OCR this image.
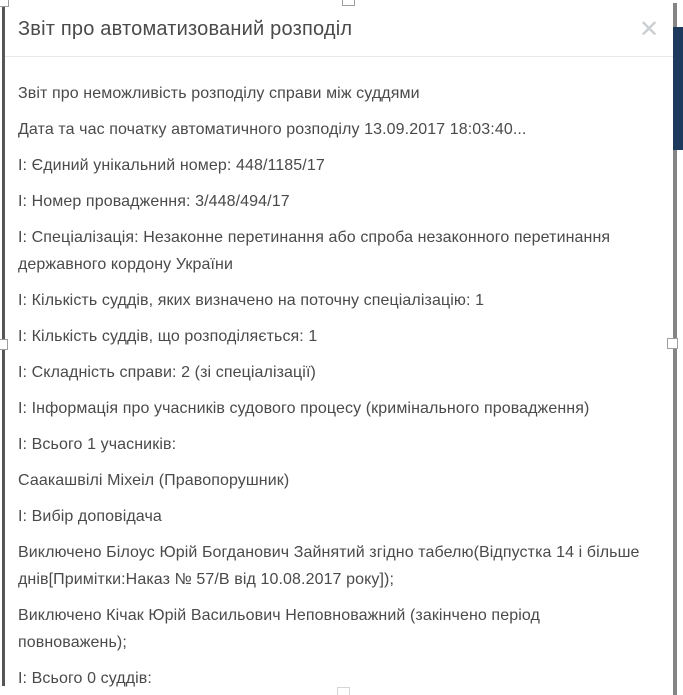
Звіт про автоматизований розподіл	✕

Звіт про неможливість розподілу справи між суддями

Дата та час початку автоматичного розподілу 13.09.2017 18:03:40...

І: Єдиний унікальний номер: 448/1185/17

І: Номер провадження: 3/448/494/17

І: Спеціалізація: Незаконне перетинання або спроба незаконного перетинання державного кордону України

І: Кількість суддів, яких визначено на поточну спеціалізацію: 1

І: Кількість суддів, що розподіляється: 1

І: Складність справи: 2 (зі спеціалізації)

І: Інформація про учасників судового процесу (кримінального провадження)

І: Всього 1 учасників:

Саакашвілі Міхеіл (Правопорушник)

І: Вибір доповідача

Виключено Білоус Юрій Богданович Зайнятий згідно табелю(Відпустка 14 і більше днів[Примітки:Наказ № 57/В від 10.08.2017 року]);

Виключено Кічак Юрій Васильович Неповноважний (закінчено період повноважень);

І: Всього 0 суддів:
